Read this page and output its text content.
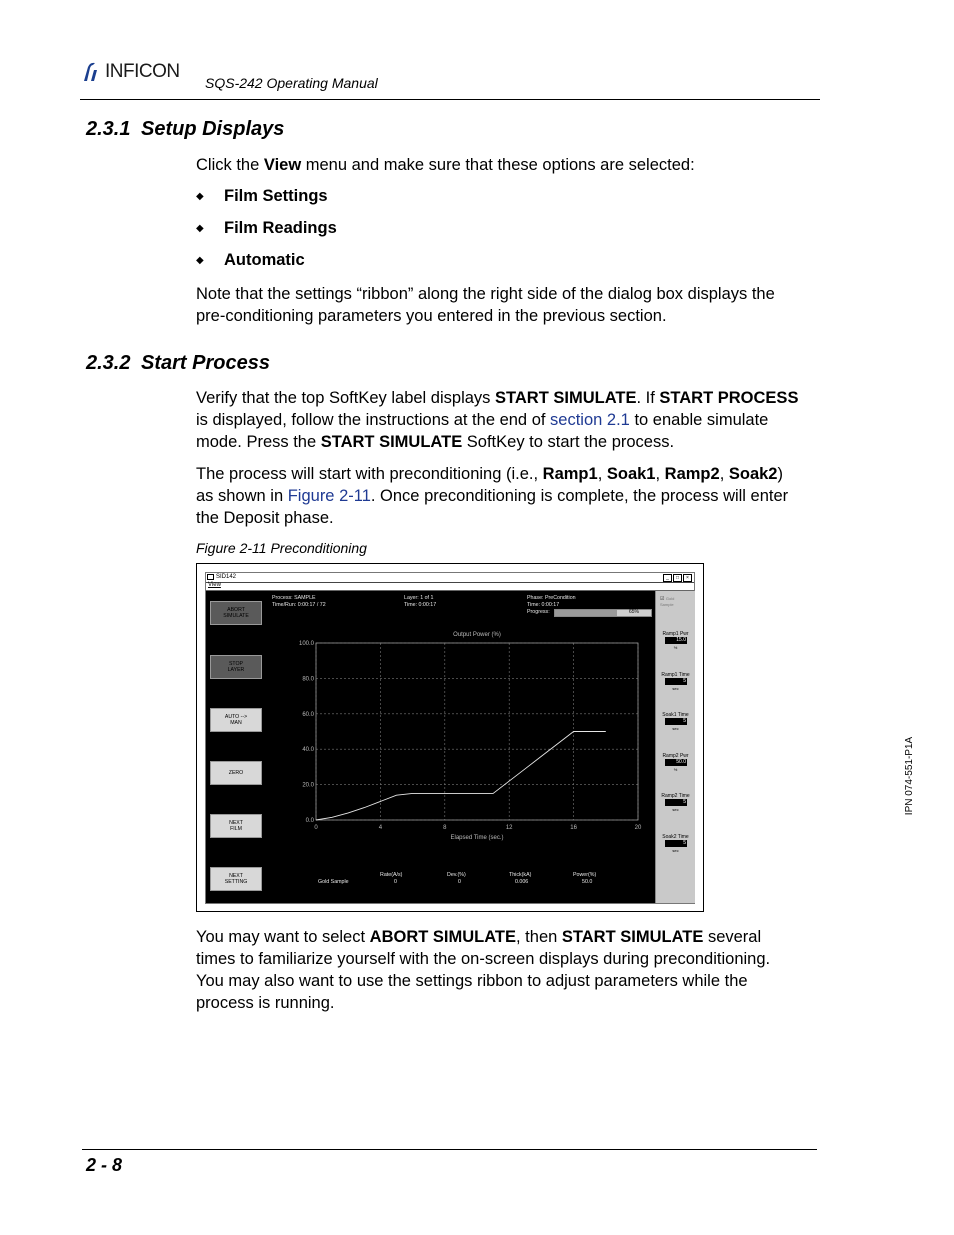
INFICON
SQS-242 Operating Manual
2.3.1 Setup Displays

Click the View menu and make sure that these options are selected:

◆ Film Settings
◆ Film Readings
◆ Automatic

Note that the settings “ribbon” along the right side of the dialog box displays the
pre-conditioning parameters you entered in the previous section.

2.3.2 Start Process

Verify that the top SoftKey label displays START SIMULATE. If START PROCESS
is displayed, follow the instructions at the end of section 2.1 to enable simulate
mode. Press the START SIMULATE SoftKey to start the process.

The process will start with preconditioning (i.e., Ramp1, Soak1, Ramp2, Soak2)
as shown in Figure 2-11. Once preconditioning is complete, the process will enter
the Deposit phase.

Figure 2-11 Preconditioning
SID142	_	□	×
View
ABORT
SIMULATE
STOP
LAYER
AUTO -->
MAN
ZERO
NEXT
FILM
NEXT
SETTING
Process: SAMPLE
Time/Run: 0:00:17 / 72
Layer: 1 of 1
Time: 0:00:17
Phase: PreCondition
Time: 0:00:17
Progress:	65%
Output Power (%)
0	4	8	12	16	20
0.0
20.0
40.0
60.0
80.0
100.0
Elapsed Time (sec.)
Gold Sample
Rate(A/s)
0
Dev.(%)
0
Thick(kA)
0.006
Power(%)
50.0
☑ Gold
Sample
Ramp1 Pwr
15.0
%
Ramp1 Time
5
sec
Soak1 Time
5
sec
Ramp2 Pwr
50.0
%
Ramp2 Time
5
sec
Soak2 Time
5
sec

You may want to select ABORT SIMULATE, then START SIMULATE several
times to familiarize yourself with the on-screen displays during preconditioning.
You may also want to use the settings ribbon to adjust parameters while the
process is running.

IPN 074-551-P1A
2 - 8
